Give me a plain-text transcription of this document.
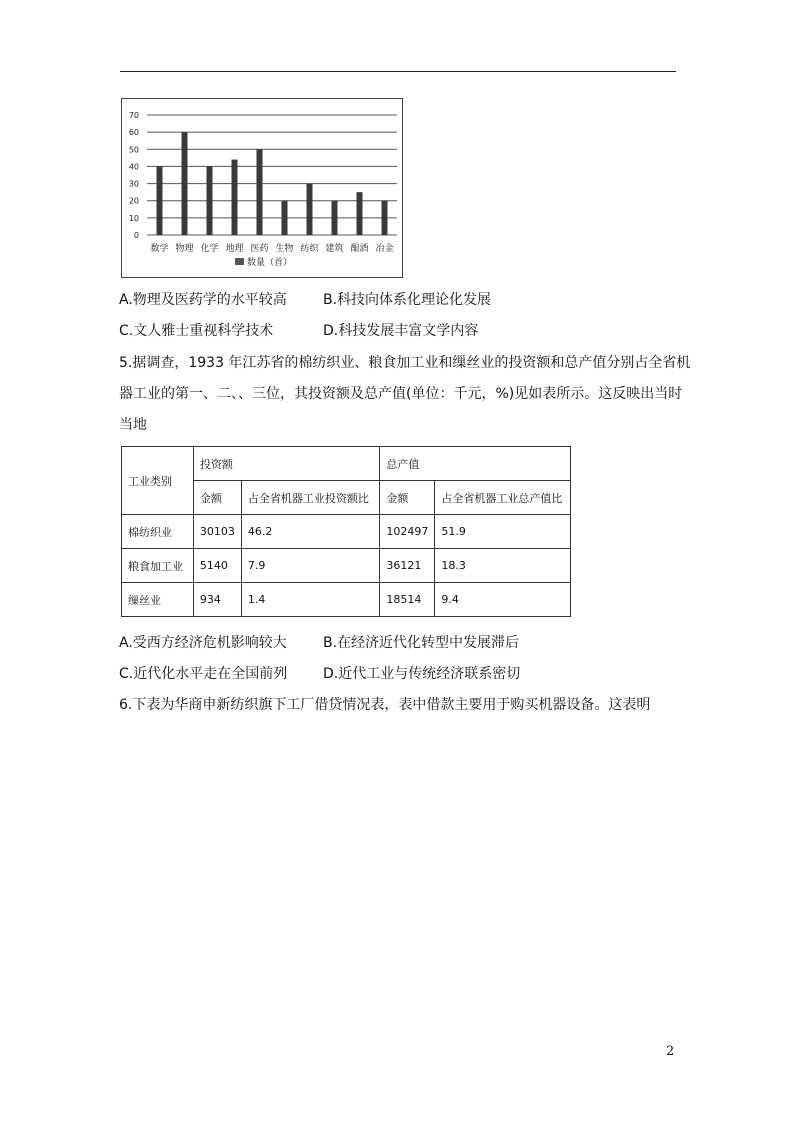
0
10
20
30
40
50
60
70
数学 物理 化学 地理 医药 生物 纺织 建筑 酿酒 冶金
数量（首）
A.物理及医药学的水平较高	B.科技向体系化理论化发展
C.文人雅士重视科学技术	D.科技发展丰富文学内容
5.据调查，1933 年江苏省的棉纺织业、粮食加工业和缫丝业的投资额和总产值分别占全省机
器工业的第一、二、、三位，其投资额及总产值(单位：千元，%)见如表所示。这反映出当时
当地
工业类别	投资额		总产值	
	金额	占全省机器工业投资额比	金额	占全省机器工业总产值比
棉纺织业	30103	46.2	102497	51.9
粮食加工业	5140	7.9	36121	18.3
缫丝业	934	1.4	18514	9.4
A.受西方经济危机影响较大	B.在经济近代化转型中发展滞后
C.近代化水平走在全国前列	D.近代工业与传统经济联系密切
6.下表为华商申新纺织旗下工厂借贷情况表，表中借款主要用于购买机器设备。这表明
2
